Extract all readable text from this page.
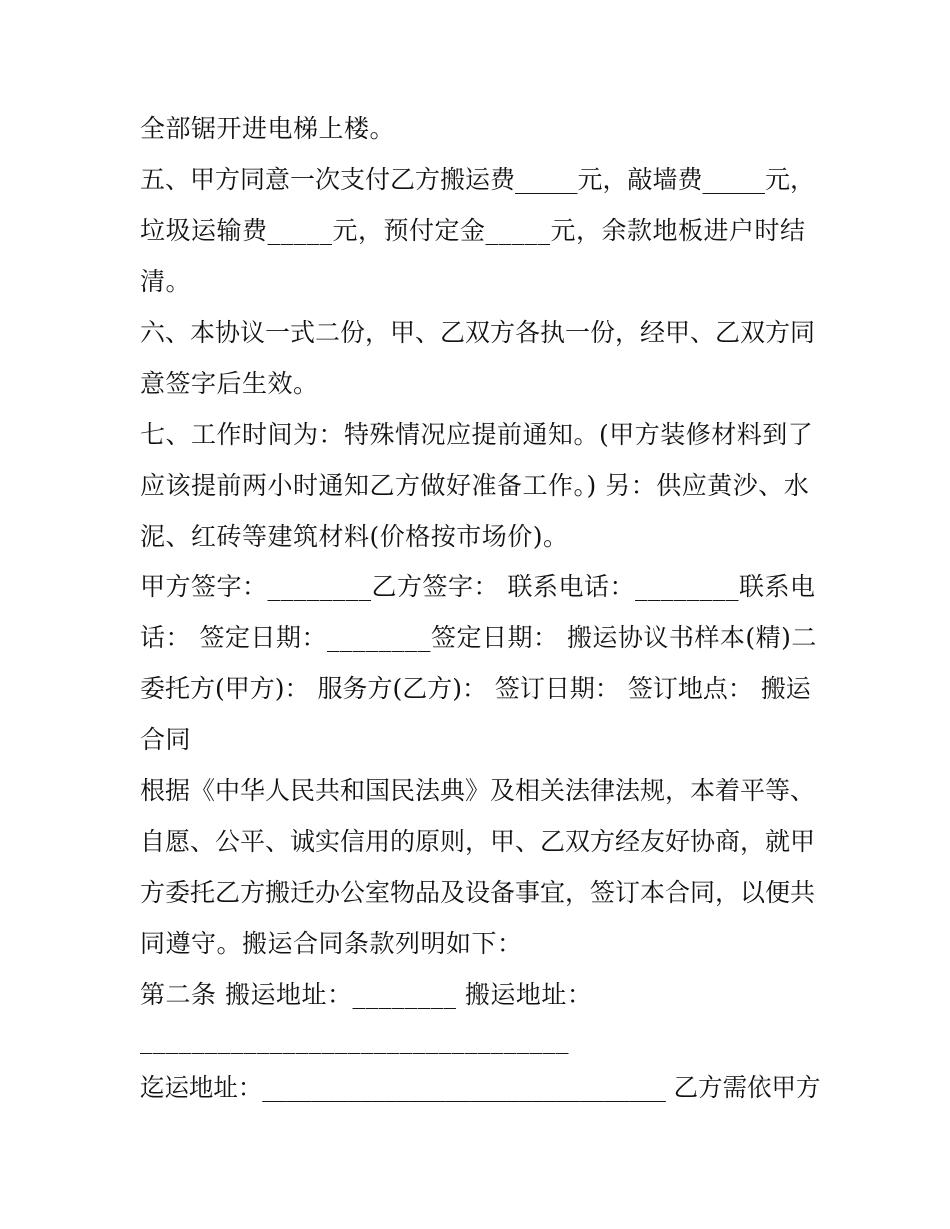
全部锯开进电梯上楼。
五、甲方同意一次支付乙方搬运费_____元，敲墙费_____元，
垃圾运输费_____元，预付定金_____元，余款地板进户时结
清。
六、本协议一式二份，甲、乙双方各执一份，经甲、乙双方同
意签字后生效。
七、工作时间为：特殊情况应提前通知。(甲方装修材料到了
应该提前两小时通知乙方做好准备工作。) 另：供应黄沙、水
泥、红砖等建筑材料(价格按市场价)。
甲方签字：________乙方签字： 联系电话：________联系电
话： 签定日期：________签定日期： 搬运协议书样本(精)二
委托方(甲方)： 服务方(乙方)： 签订日期： 签订地点： 搬运
合同
根据《中华人民共和国民法典》及相关法律法规，本着平等、
自愿、公平、诚实信用的原则，甲、乙双方经友好协商，就甲
方委托乙方搬迁办公室物品及设备事宜，签订本合同，以便共
同遵守。搬运合同条款列明如下：
第二条 搬运地址：________ 搬运地址：
_________________________________
迄运地址：_________________________________ 乙方需依甲方
